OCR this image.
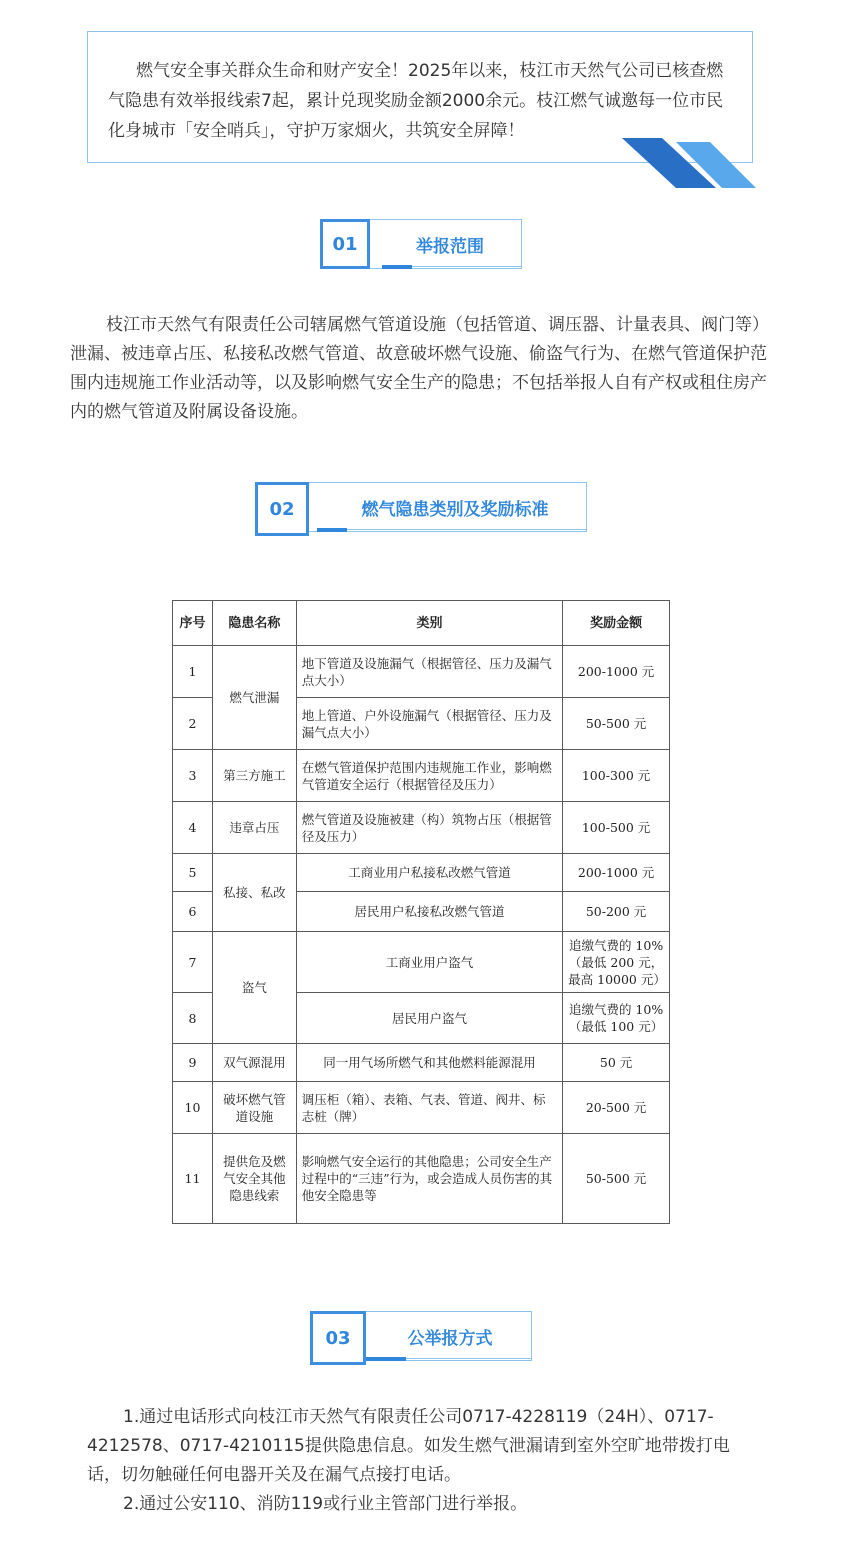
燃气安全事关群众生命和财产安全！2025年以来，枝江市天然气公司已核查燃气隐患有效举报线索7起，累计兑现奖励金额2000余元。枝江燃气诚邀每一位市民化身城市「安全哨兵」，守护万家烟火，共筑安全屏障！

01	举报范围

枝江市天然气有限责任公司辖属燃气管道设施（包括管道、调压器、计量表具、阀门等）泄漏、被违章占压、私接私改燃气管道、故意破坏燃气设施、偷盗气行为、在燃气管道保护范围内违规施工作业活动等，以及影响燃气安全生产的隐患；不包括举报人自有产权或租住房产内的燃气管道及附属设备设施。

02	燃气隐患类别及奖励标准
序号	隐患名称	类别	奖励金额
1	燃气泄漏	地下管道及设施漏气（根据管径、压力及漏气点大小）	200-1000 元
2		地上管道、户外设施漏气（根据管径、压力及漏气点大小）	50-500 元
3	第三方施工	在燃气管道保护范围内违规施工作业，影响燃气管道安全运行（根据管径及压力）	100-300 元
4	违章占压	燃气管道及设施被建（构）筑物占压（根据管径及压力）	100-500 元
5	私接、私改	工商业用户私接私改燃气管道	200-1000 元
6		居民用户私接私改燃气管道	50-200 元
7	盗气	工商业用户盗气	追缴气费的 10%（最低 200 元，最高 10000 元）
8		居民用户盗气	追缴气费的 10%（最低 100 元）
9	双气源混用	同一用气场所燃气和其他燃料能源混用	50 元
10	破坏燃气管道设施	调压柜（箱）、表箱、气表、管道、阀井、标志桩（牌）	20-500 元
11	提供危及燃气安全其他隐患线索	影响燃气安全运行的其他隐患；公司安全生产过程中的“三违”行为，或会造成人员伤害的其他安全隐患等	50-500 元
03	公举报方式

1.通过电话形式向枝江市天然气有限责任公司0717-4228119（24H）、0717-4212578、0717-4210115提供隐患信息。如发生燃气泄漏请到室外空旷地带拨打电话，切勿触碰任何电器开关及在漏气点接打电话。

2.通过公安110、消防119或行业主管部门进行举报。
